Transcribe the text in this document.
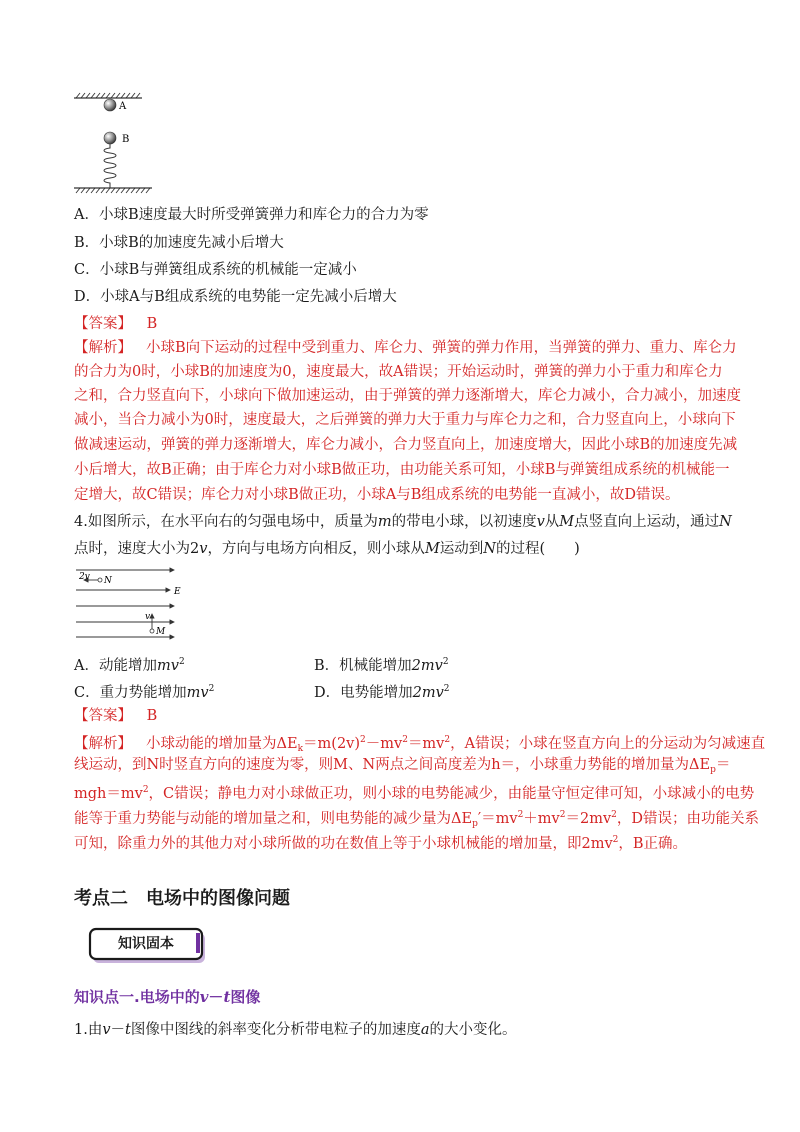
A
B
A．小球B速度最大时所受弹簧弹力和库仑力的合力为零
B．小球B的加速度先减小后增大
C．小球B与弹簧组成系统的机械能一定减小
D．小球A与B组成系统的电势能一定先减小后增大
【答案】 B
【解析】 小球B向下运动的过程中受到重力、库仑力、弹簧的弹力作用，当弹簧的弹力、重力、库仑力
的合力为0时，小球B的加速度为0，速度最大，故A错误；开始运动时，弹簧的弹力小于重力和库仑力
之和，合力竖直向下，小球向下做加速运动，由于弹簧的弹力逐渐增大，库仑力减小，合力减小，加速度
减小，当合力减小为0时，速度最大，之后弹簧的弹力大于重力与库仑力之和，合力竖直向上，小球向下
做减速运动，弹簧的弹力逐渐增大，库仑力减小，合力竖直向上，加速度增大，因此小球B的加速度先减
小后增大，故B正确；由于库仑力对小球B做正功，由功能关系可知，小球B与弹簧组成系统的机械能一
定增大，故C错误；库仑力对小球B做正功，小球A与B组成系统的电势能一直减小，故D错误。
4.如图所示，在水平向右的匀强电场中，质量为m的带电小球，以初速度v从M点竖直向上运动，通过N
点时，速度大小为2v，方向与电场方向相反，则小球从M运动到N的过程(　　)
2v N
E
v
M
A．动能增加$mv^2$	B．机械能增加$2mv^2$
C．重力势能增加$mv^2$	D．电势能增加$2mv^2$
【答案】 B
【解析】 小球动能的增加量为$\Delta E_k=m(2v)^2-mv^2=mv^2$，A错误；小球在竖直方向上的分运动为匀减速直
线运动，到N时竖直方向的速度为零，则M、N两点之间高度差为h＝，小球重力势能的增加量为$\Delta E_p=$
$mgh=mv^2$，C错误；静电力对小球做正功，则小球的电势能减少，由能量守恒定律可知，小球减小的电势
能等于重力势能与动能的增加量之和，则电势能的减少量为$\Delta E_p'=mv^2+mv^2=2mv^2$，D错误；由功能关系
可知，除重力外的其他力对小球所做的功在数值上等于小球机械能的增加量，即$2mv^2$，B正确。
考点二　电场中的图像问题
知识固本
知识点一.电场中的v－t图像
1.由v－t图像中图线的斜率变化分析带电粒子的加速度a的大小变化。
